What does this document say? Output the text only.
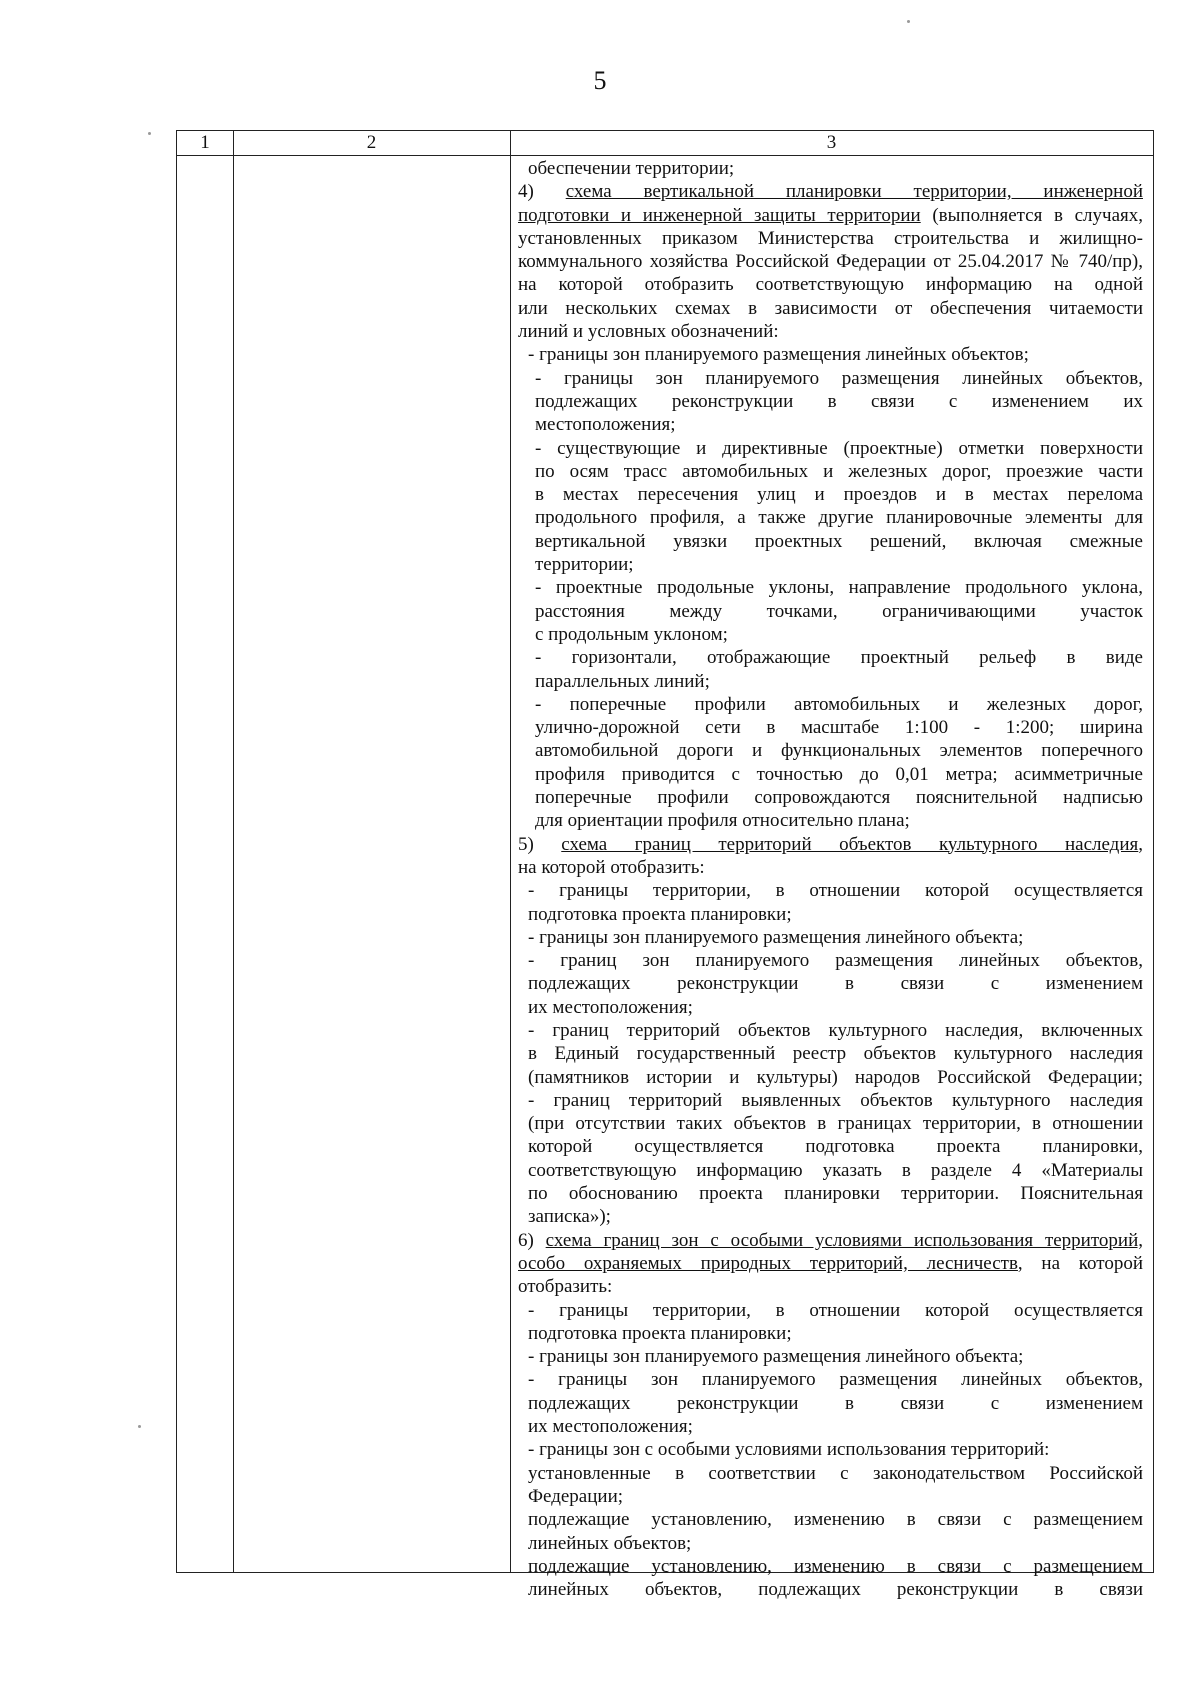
5
1	2	3

обеспечении территории;

4) схема вертикальной планировки территории, инженерной

подготовки и инженерной защиты территории (выполняется в случаях,

установленных приказом Министерства строительства и жилищно-

коммунального хозяйства Российской Федерации от 25.04.2017 № 740/пр),

на которой отобразить соответствующую информацию на одной

или нескольких схемах в зависимости от обеспечения читаемости

линий и условных обозначений:

- границы зон планируемого размещения линейных объектов;

- границы зон планируемого размещения линейных объектов,

подлежащих реконструкции в связи с изменением их

местоположения;

- существующие и директивные (проектные) отметки поверхности

по осям трасс автомобильных и железных дорог, проезжие части

в местах пересечения улиц и проездов и в местах перелома

продольного профиля, а также другие планировочные элементы для

вертикальной увязки проектных решений, включая смежные

территории;

- проектные продольные уклоны, направление продольного уклона,

расстояния между точками, ограничивающими участок

с продольным уклоном;

- горизонтали, отображающие проектный рельеф в виде

параллельных линий;

- поперечные профили автомобильных и железных дорог,

улично-дорожной сети в масштабе 1:100 - 1:200; ширина

автомобильной дороги и функциональных элементов поперечного

профиля приводится с точностью до 0,01 метра; асимметричные

поперечные профили сопровождаются пояснительной надписью

для ориентации профиля относительно плана;

5) схема границ территорий объектов культурного наследия,

на которой отобразить:

- границы территории, в отношении которой осуществляется

подготовка проекта планировки;

- границы зон планируемого размещения линейного объекта;

- границ зон планируемого размещения линейных объектов,

подлежащих реконструкции в связи с изменением

их местоположения;

- границ территорий объектов культурного наследия, включенных

в Единый государственный реестр объектов культурного наследия

(памятников истории и культуры) народов Российской Федерации;

- границ территорий выявленных объектов культурного наследия

(при отсутствии таких объектов в границах территории, в отношении

которой осуществляется подготовка проекта планировки,

соответствующую информацию указать в разделе 4 «Материалы

по обоснованию проекта планировки территории. Пояснительная

записка»);

6) схема границ зон с особыми условиями использования территорий,

особо охраняемых природных территорий, лесничеств, на которой

отобразить:

- границы территории, в отношении которой осуществляется

подготовка проекта планировки;

- границы зон планируемого размещения линейного объекта;

- границы зон планируемого размещения линейных объектов,

подлежащих реконструкции в связи с изменением

их местоположения;

- границы зон с особыми условиями использования территорий:

установленные в соответствии с законодательством Российской

Федерации;

подлежащие установлению, изменению в связи с размещением

линейных объектов;

подлежащие установлению, изменению в связи с размещением

линейных объектов, подлежащих реконструкции в связи
